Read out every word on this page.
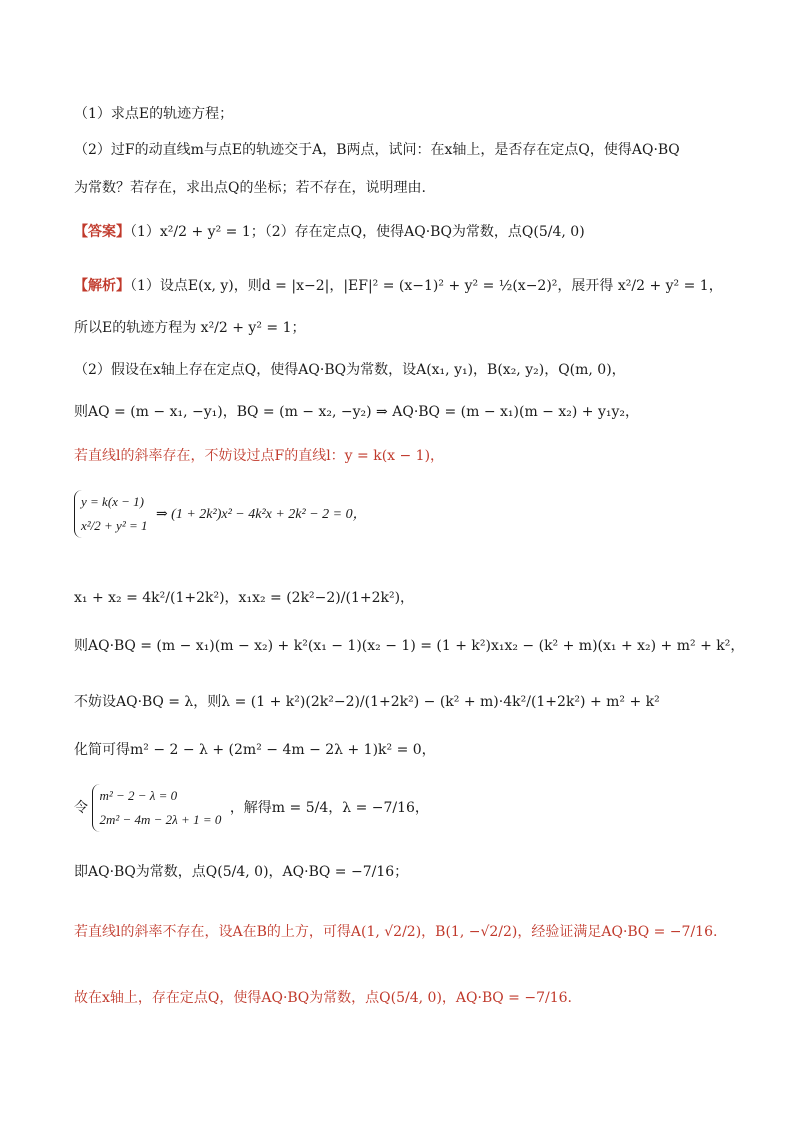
（1）求点E的轨迹方程；
（2）过F的动直线m与点E的轨迹交于A，B两点，试问：在x轴上，是否存在定点Q，使得AQ·BQ
为常数？若存在，求出点Q的坐标；若不存在，说明理由.
【答案】（1）x²/2 + y² = 1；（2）存在定点Q，使得AQ·BQ为常数，点Q(5/4, 0)
【解析】（1）设点E(x, y)，则d = |x−2|，|EF|² = (x−1)² + y² = ½(x−2)²，展开得 x²/2 + y² = 1，
所以E的轨迹方程为 x²/2 + y² = 1；
（2）假设在x轴上存在定点Q，使得AQ·BQ为常数，设A(x₁, y₁)，B(x₂, y₂)，Q(m, 0)，
则AQ = (m − x₁, −y₁)，BQ = (m − x₂, −y₂) ⇒ AQ·BQ = (m − x₁)(m − x₂) + y₁y₂，
若直线l的斜率存在，不妨设过点F的直线l：y = k(x − 1)，
y = k(x − 1)
x²/2 + y² = 1
⇒ (1 + 2k²)x² − 4k²x + 2k² − 2 = 0，
x₁ + x₂ = 4k²/(1+2k²)，x₁x₂ = (2k²−2)/(1+2k²)，
则AQ·BQ = (m − x₁)(m − x₂) + k²(x₁ − 1)(x₂ − 1) = (1 + k²)x₁x₂ − (k² + m)(x₁ + x₂) + m² + k²，
不妨设AQ·BQ = λ，则λ = (1 + k²)(2k²−2)/(1+2k²) − (k² + m)·4k²/(1+2k²) + m² + k²
化简可得m² − 2 − λ + (2m² − 4m − 2λ + 1)k² = 0，
令
m² − 2 − λ = 0
2m² − 4m − 2λ + 1 = 0
，解得m = 5/4，λ = −7/16，
即AQ·BQ为常数，点Q(5/4, 0)，AQ·BQ = −7/16；
若直线l的斜率不存在，设A在B的上方，可得A(1, √2/2)，B(1, −√2/2)，经验证满足AQ·BQ = −7/16.
故在x轴上，存在定点Q，使得AQ·BQ为常数，点Q(5/4, 0)，AQ·BQ = −7/16.
